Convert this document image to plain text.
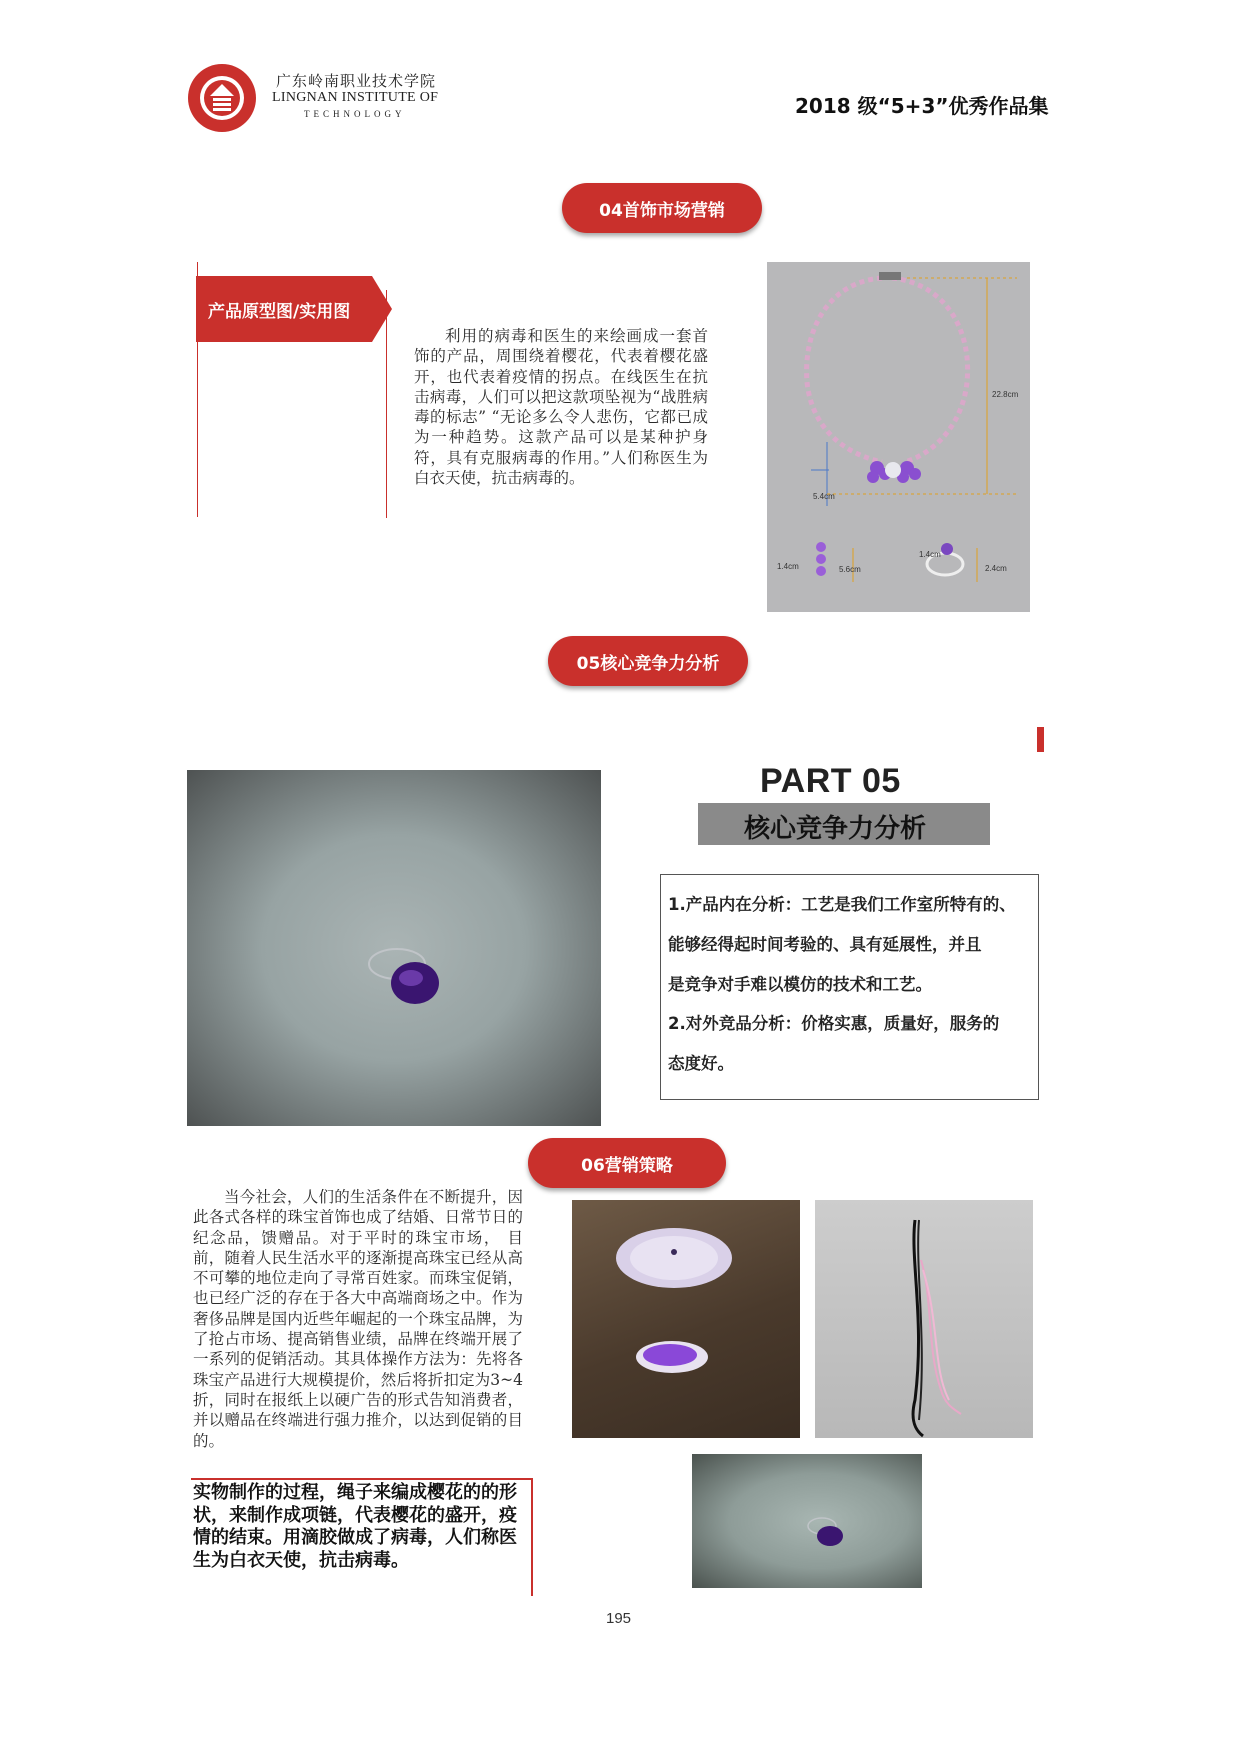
广东岭南职业技术学院
LINGNAN INSTITUTE OF
TECHNOLOGY	2018 级“5+3”优秀作品集
04首饰市场营销
产品原型图/实用图
利用的病毒和医生的来绘画成一套首饰的产品，周围绕着樱花，代表着樱花盛开，也代表着疫情的拐点。在线医生在抗击病毒，人们可以把这款项坠视为“战胜病毒的标志” “无论多么令人悲伤，它都已成为一种趋势。这款产品可以是某种护身符，具有克服病毒的作用。”人们称医生为白衣天使，抗击病毒的。
22.8cm
5.4cm
1.4cm	5.6cm
1.4cm
2.4cm
05核心竞争力分析
PART 05
核心竞争力分析
1.产品内在分析：工艺是我们工作室所特有的、
能够经得起时间考验的、具有延展性，并且
是竞争对手难以模仿的技术和工艺。
2.对外竞品分析：价格实惠，质量好，服务的
态度好。
06营销策略
当今社会，人们的生活条件在不断提升，因此各式各样的珠宝首饰也成了结婚、日常节日的纪念品，馈赠品。对于平时的珠宝市场， 目前，随着人民生活水平的逐渐提高珠宝已经从高不可攀的地位走向了寻常百姓家。而珠宝促销，也已经广泛的存在于各大中高端商场之中。作为奢侈品牌是国内近些年崛起的一个珠宝品牌，为了抢占市场、提高销售业绩，品牌在终端开展了一系列的促销活动。其具体操作方法为：先将各珠宝产品进行大规模提价，然后将折扣定为3~4折，同时在报纸上以硬广告的形式告知消费者，并以赠品在终端进行强力推介，以达到促销的目的。
实物制作的过程，绳子来编成樱花的的形状，来制作成项链，代表樱花的盛开，疫情的结束。用滴胶做成了病毒，人们称医生为白衣天使，抗击病毒。
195
